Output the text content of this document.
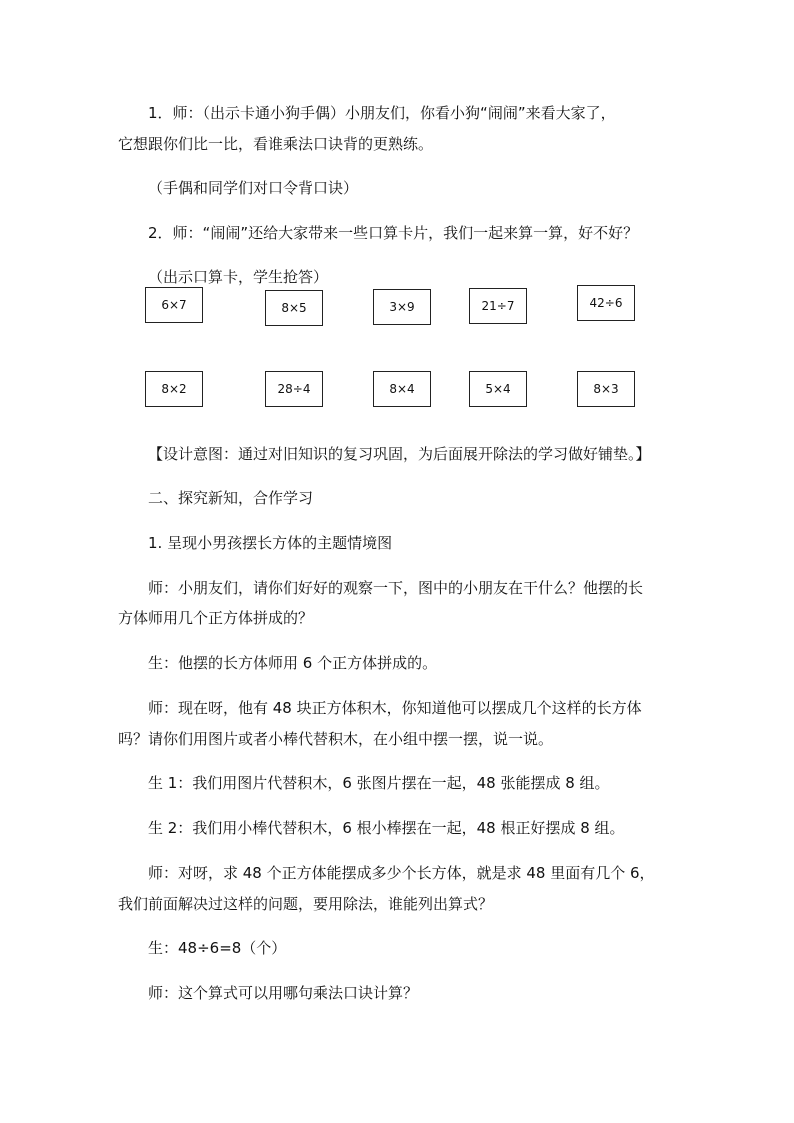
1．师：（出示卡通小狗手偶）小朋友们，你看小狗“闹闹”来看大家了，
它想跟你们比一比，看谁乘法口诀背的更熟练。
（手偶和同学们对口令背口诀）
2．师：“闹闹”还给大家带来一些口算卡片，我们一起来算一算，好不好？
（出示口算卡，学生抢答）
6×7	8×5	3×9	21÷7	42÷6
8×2	28÷4	8×4	5×4	8×3
【设计意图：通过对旧知识的复习巩固，为后面展开除法的学习做好铺垫。】
二、探究新知，合作学习
1. 呈现小男孩摆长方体的主题情境图
师：小朋友们，请你们好好的观察一下，图中的小朋友在干什么？他摆的长
方体师用几个正方体拼成的？
生：他摆的长方体师用 6 个正方体拼成的。
师：现在呀，他有 48 块正方体积木，你知道他可以摆成几个这样的长方体
吗？请你们用图片或者小棒代替积木，在小组中摆一摆，说一说。
生 1：我们用图片代替积木，6 张图片摆在一起，48 张能摆成 8 组。
生 2：我们用小棒代替积木，6 根小棒摆在一起，48 根正好摆成 8 组。
师：对呀，求 48 个正方体能摆成多少个长方体，就是求 48 里面有几个 6，
我们前面解决过这样的问题，要用除法，谁能列出算式？
生：48÷6=8（个）
师：这个算式可以用哪句乘法口诀计算？
